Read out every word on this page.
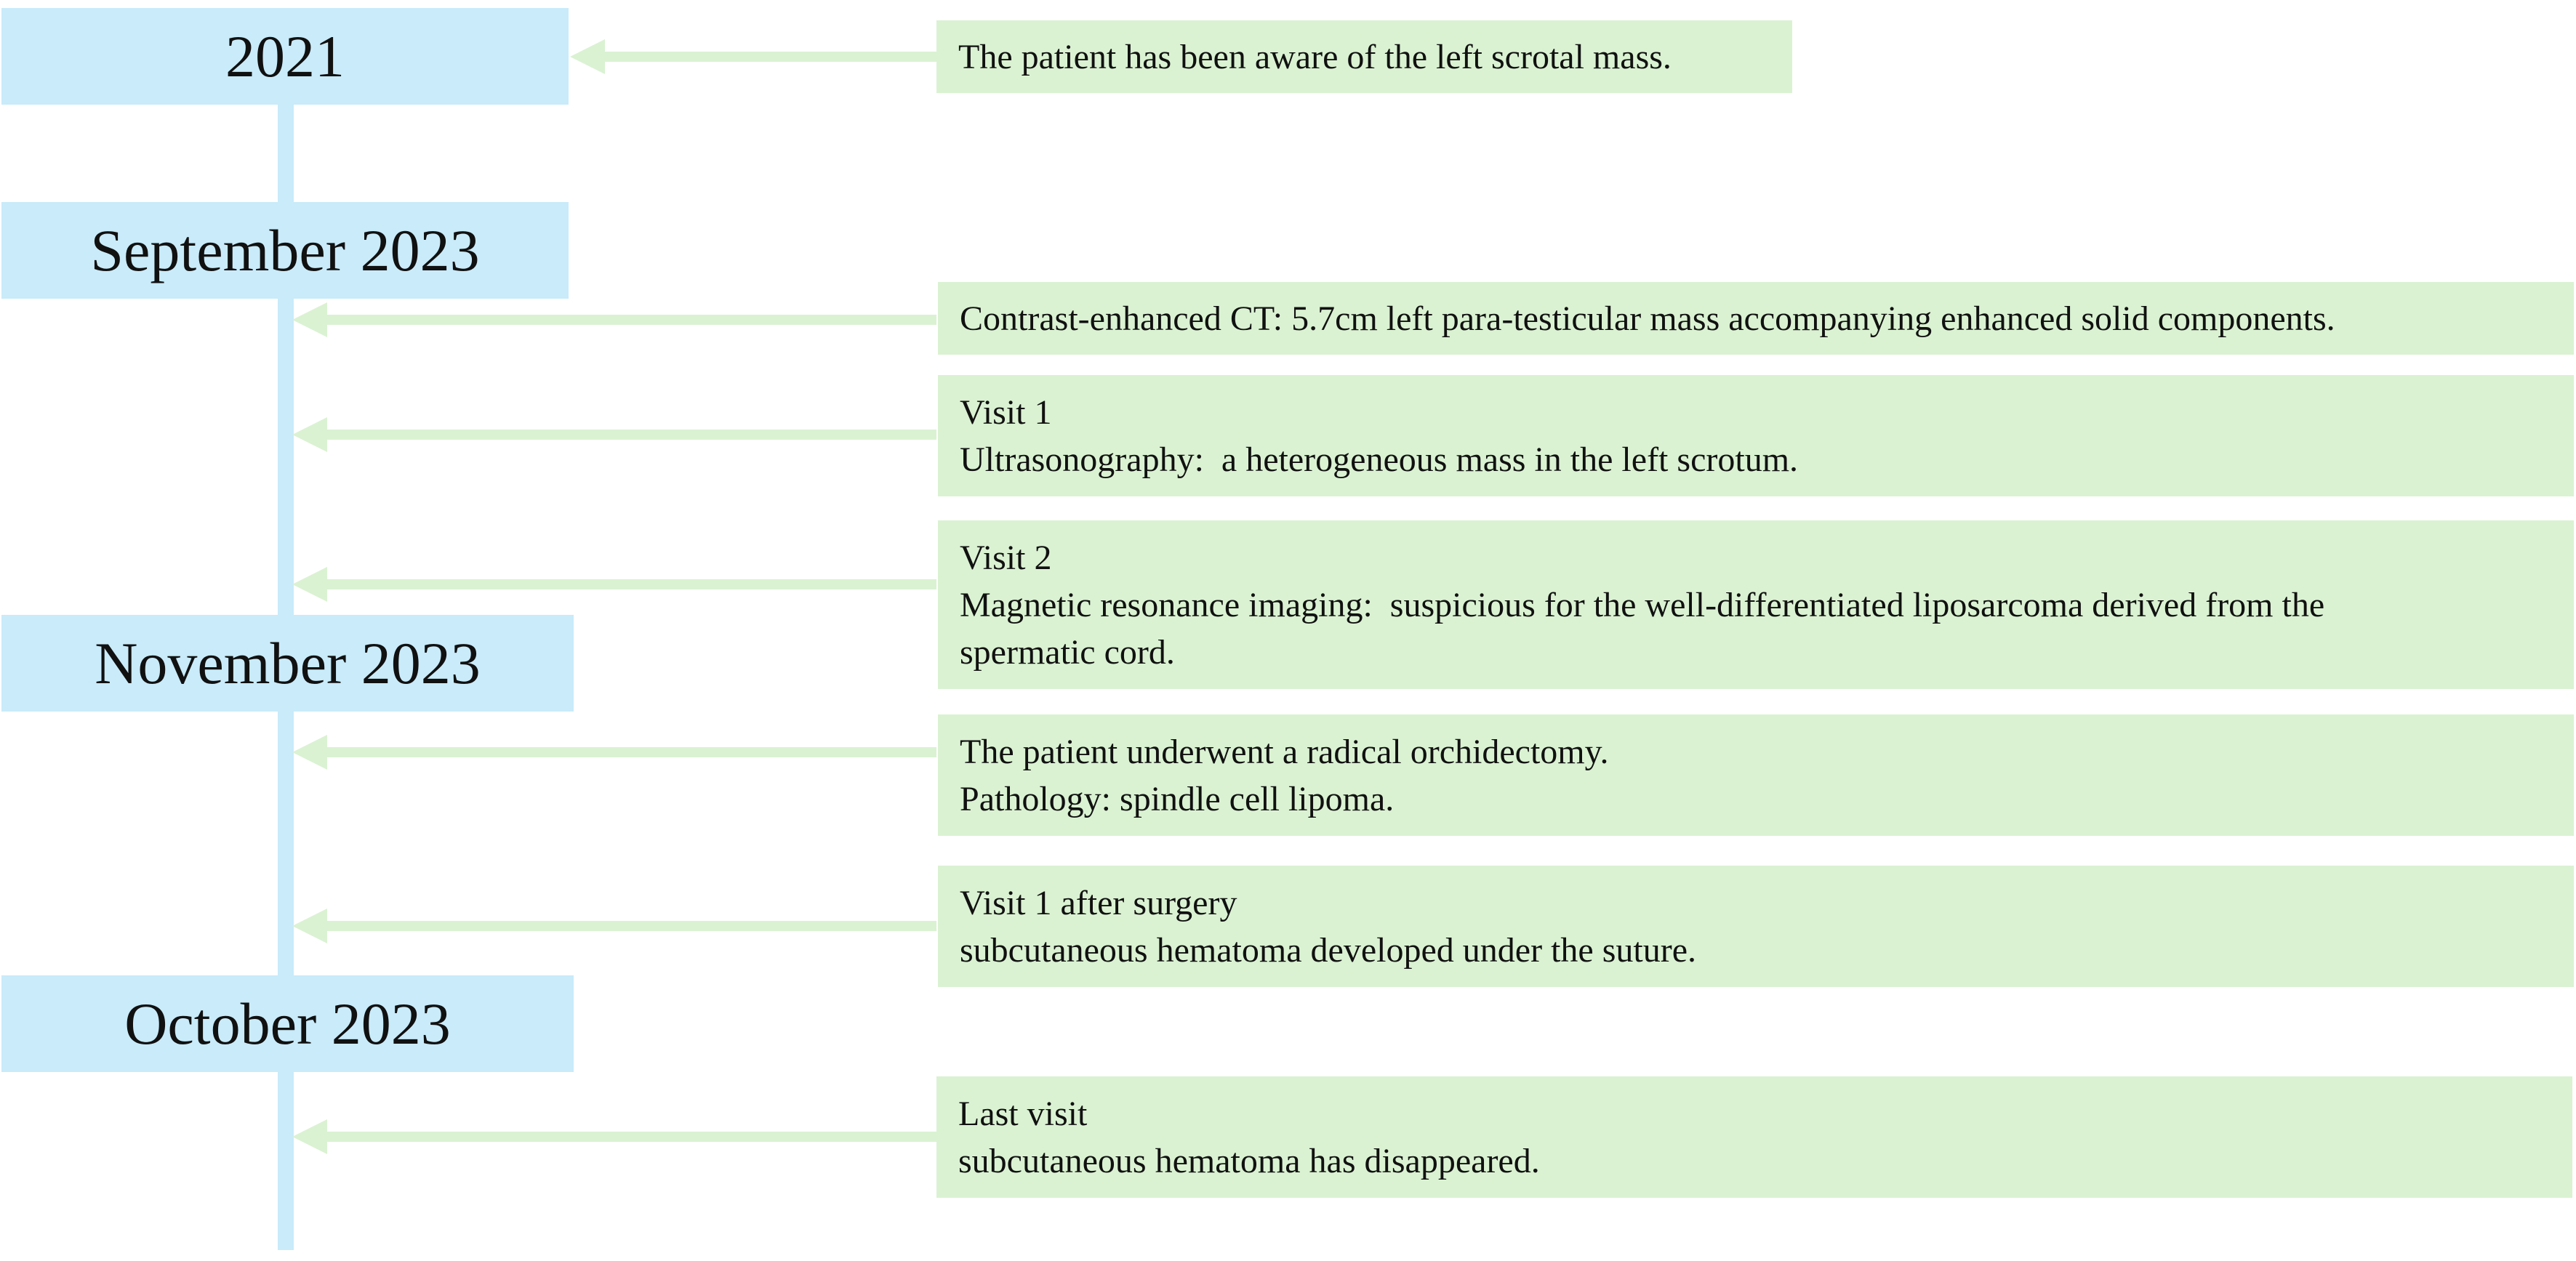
2021
September 2023
November 2023
October 2023
The patient has been aware of the left scrotal mass.
Contrast-enhanced CT: 5.7cm left para-testicular mass accompanying enhanced solid components.
Visit 1
Ultrasonography:  a heterogeneous mass in the left scrotum.
Visit 2
Magnetic resonance imaging:  suspicious for the well-differentiated liposarcoma derived from the
spermatic cord.
The patient underwent a radical orchidectomy.
Pathology: spindle cell lipoma.
Visit 1 after surgery
subcutaneous hematoma developed under the suture.
Last visit
subcutaneous hematoma has disappeared.
